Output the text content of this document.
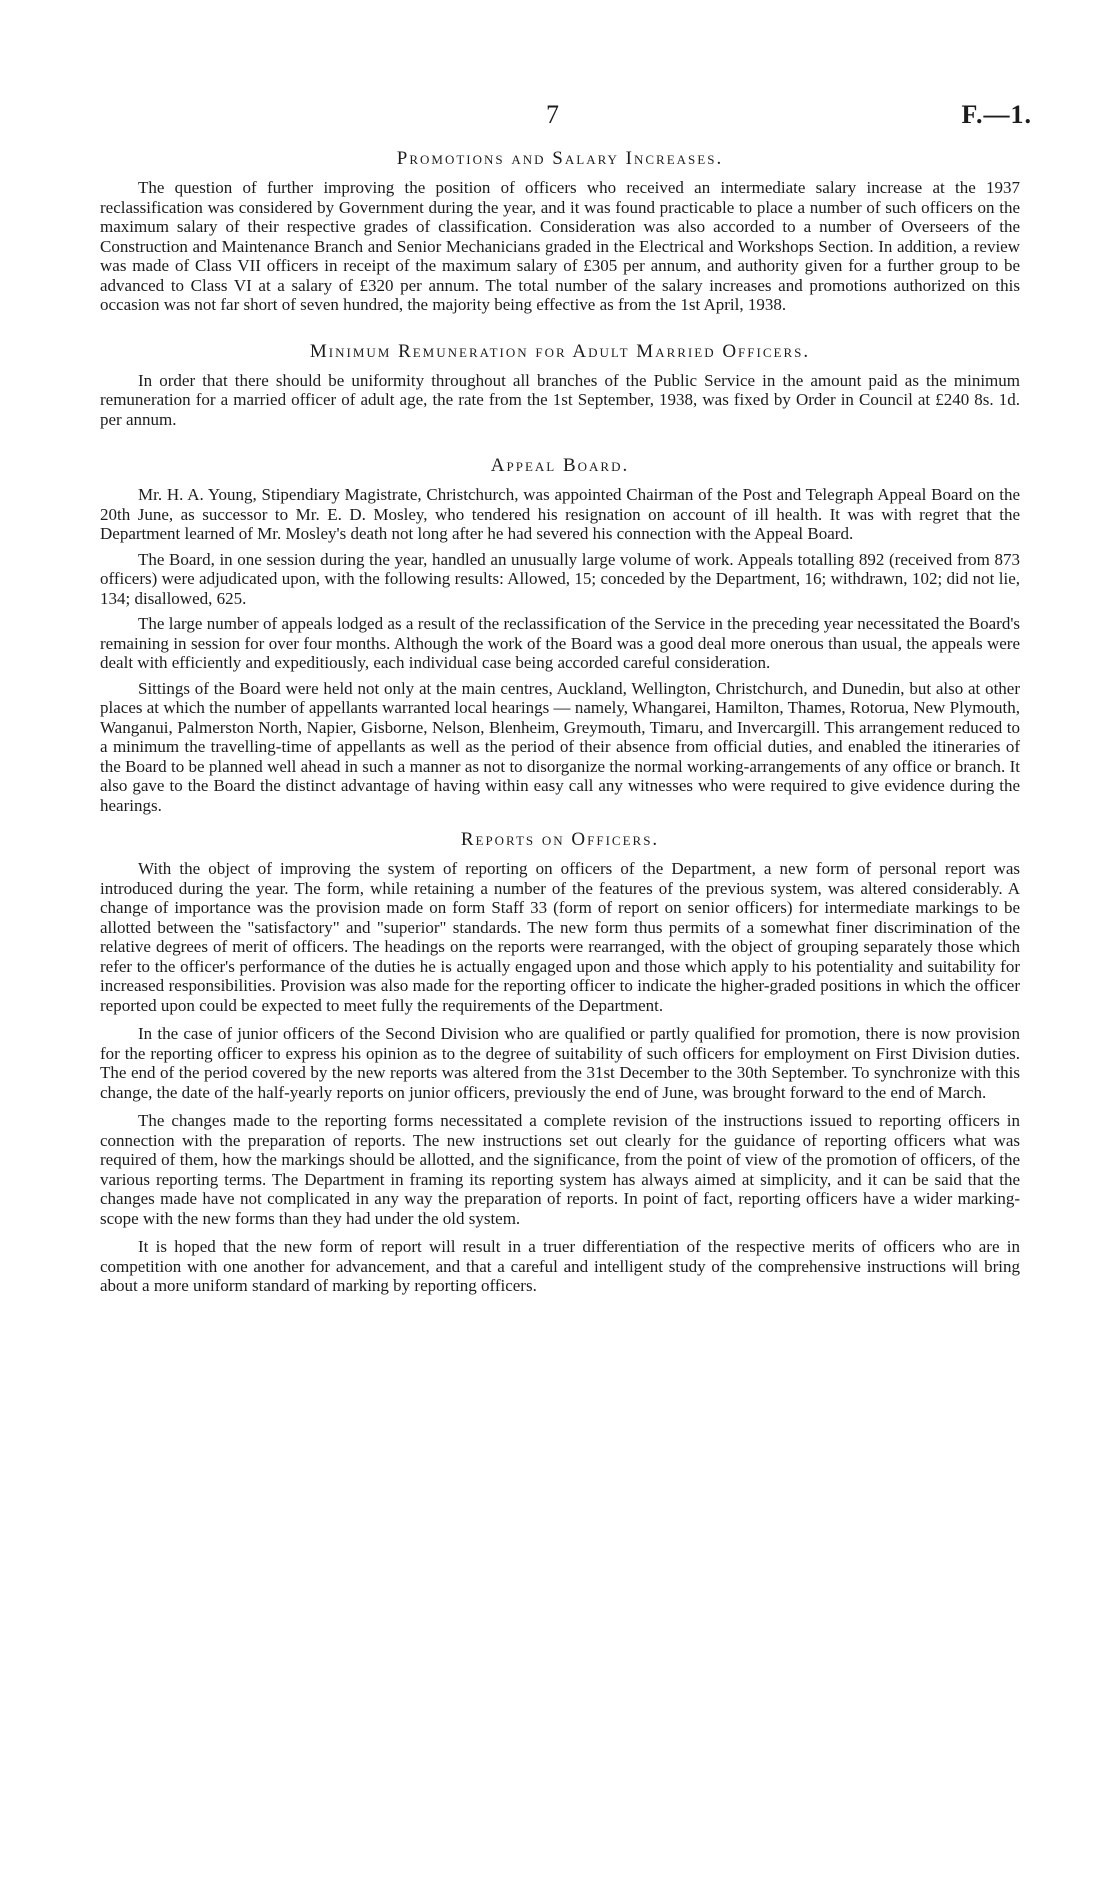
7	F.—1.
Promotions and Salary Increases.

The question of further improving the position of officers who received an intermediate salary increase at the 1937 reclassification was considered by Government during the year, and it was found practicable to place a number of such officers on the maximum salary of their respective grades of classification. Consideration was also accorded to a number of Overseers of the Construction and Maintenance Branch and Senior Mechanicians graded in the Electrical and Workshops Section. In addition, a review was made of Class VII officers in receipt of the maximum salary of £305 per annum, and authority given for a further group to be advanced to Class VI at a salary of £320 per annum. The total number of the salary increases and promotions authorized on this occasion was not far short of seven hundred, the majority being effective as from the 1st April, 1938.

Minimum Remuneration for Adult Married Officers.

In order that there should be uniformity throughout all branches of the Public Service in the amount paid as the minimum remuneration for a married officer of adult age, the rate from the 1st September, 1938, was fixed by Order in Council at £240 8s. 1d. per annum.

Appeal Board.

Mr. H. A. Young, Stipendiary Magistrate, Christchurch, was appointed Chairman of the Post and Telegraph Appeal Board on the 20th June, as successor to Mr. E. D. Mosley, who tendered his resignation on account of ill health. It was with regret that the Department learned of Mr. Mosley's death not long after he had severed his connection with the Appeal Board.

The Board, in one session during the year, handled an unusually large volume of work. Appeals totalling 892 (received from 873 officers) were adjudicated upon, with the following results: Allowed, 15; conceded by the Department, 16; withdrawn, 102; did not lie, 134; disallowed, 625.

The large number of appeals lodged as a result of the reclassification of the Service in the preceding year necessitated the Board's remaining in session for over four months. Although the work of the Board was a good deal more onerous than usual, the appeals were dealt with efficiently and expeditiously, each individual case being accorded careful consideration.

Sittings of the Board were held not only at the main centres, Auckland, Wellington, Christchurch, and Dunedin, but also at other places at which the number of appellants warranted local hearings — namely, Whangarei, Hamilton, Thames, Rotorua, New Plymouth, Wanganui, Palmerston North, Napier, Gisborne, Nelson, Blenheim, Greymouth, Timaru, and Invercargill. This arrangement reduced to a minimum the travelling-time of appellants as well as the period of their absence from official duties, and enabled the itineraries of the Board to be planned well ahead in such a manner as not to disorganize the normal working-arrangements of any office or branch. It also gave to the Board the distinct advantage of having within easy call any witnesses who were required to give evidence during the hearings.

Reports on Officers.

With the object of improving the system of reporting on officers of the Department, a new form of personal report was introduced during the year. The form, while retaining a number of the features of the previous system, was altered considerably. A change of importance was the provision made on form Staff 33 (form of report on senior officers) for intermediate markings to be allotted between the "satisfactory" and "superior" standards. The new form thus permits of a somewhat finer discrimination of the relative degrees of merit of officers. The headings on the reports were rearranged, with the object of grouping separately those which refer to the officer's performance of the duties he is actually engaged upon and those which apply to his potentiality and suitability for increased responsibilities. Provision was also made for the reporting officer to indicate the higher-graded positions in which the officer reported upon could be expected to meet fully the requirements of the Department.

In the case of junior officers of the Second Division who are qualified or partly qualified for promotion, there is now provision for the reporting officer to express his opinion as to the degree of suitability of such officers for employment on First Division duties. The end of the period covered by the new reports was altered from the 31st December to the 30th September. To synchronize with this change, the date of the half-yearly reports on junior officers, previously the end of June, was brought forward to the end of March.

The changes made to the reporting forms necessitated a complete revision of the instructions issued to reporting officers in connection with the preparation of reports. The new instructions set out clearly for the guidance of reporting officers what was required of them, how the markings should be allotted, and the significance, from the point of view of the promotion of officers, of the various reporting terms. The Department in framing its reporting system has always aimed at simplicity, and it can be said that the changes made have not complicated in any way the preparation of reports. In point of fact, reporting officers have a wider marking-scope with the new forms than they had under the old system.

It is hoped that the new form of report will result in a truer differentiation of the respective merits of officers who are in competition with one another for advancement, and that a careful and intelligent study of the comprehensive instructions will bring about a more uniform standard of marking by reporting officers.
